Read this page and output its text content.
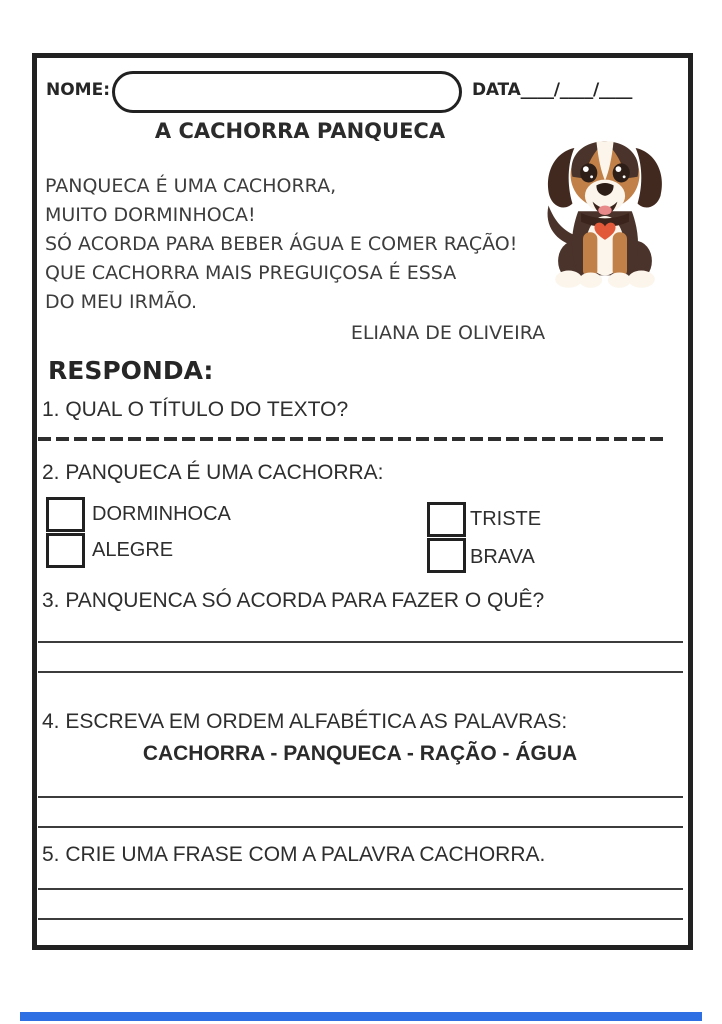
NOME:	DATA____/____/____
A CACHORRA PANQUECA
PANQUECA É UMA CACHORRA,
MUITO DORMINHOCA!
SÓ ACORDA PARA BEBER ÁGUA E COMER RAÇÃO!
QUE CACHORRA MAIS PREGUIÇOSA É ESSA
DO MEU IRMÃO.
ELIANA DE OLIVEIRA
RESPONDA:
1. QUAL O TÍTULO DO TEXTO?
2. PANQUECA É UMA CACHORRA:
DORMINHOCA
ALEGRE
TRISTE
BRAVA
3. PANQUENCA SÓ ACORDA PARA FAZER O QUÊ?
4. ESCREVA EM ORDEM ALFABÉTICA AS PALAVRAS:
CACHORRA - PANQUECA - RAÇÃO - ÁGUA
5. CRIE UMA FRASE COM A PALAVRA CACHORRA.
